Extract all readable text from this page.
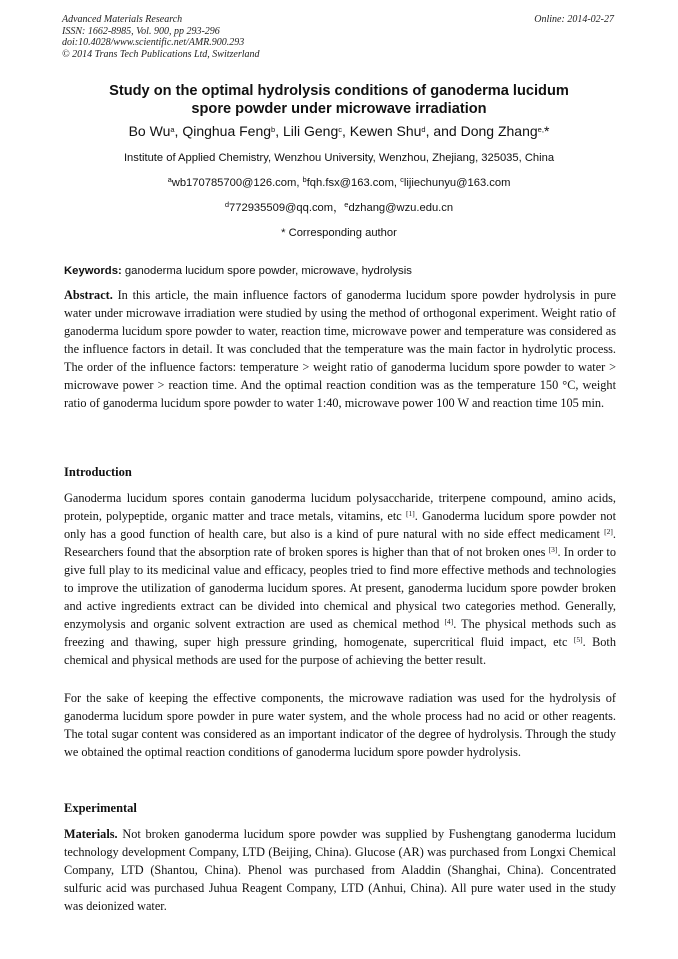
Advanced Materials Research
ISSN: 1662-8985, Vol. 900, pp 293-296
doi:10.4028/www.scientific.net/AMR.900.293
© 2014 Trans Tech Publications Ltd, Switzerland
Online: 2014-02-27
Study on the optimal hydrolysis conditions of ganoderma lucidum
spore powder under microwave irradiation
Bo Wu$^a$, Qinghua Feng$^b$, Lili Geng$^c$, Kewen Shu$^d$, and Dong Zhang$^{e,}$*
Institute of Applied Chemistry, Wenzhou University, Wenzhou, Zhejiang, 325035, China
$^a$wb170785700@126.com, $^b$fqh.fsx@163.com, $^c$lijiechunyu@163.com
$^d$772935509@qq.com，$^e$dzhang@wzu.edu.cn
* Corresponding author
Keywords: ganoderma lucidum spore powder, microwave, hydrolysis
Abstract. In this article, the main influence factors of ganoderma lucidum spore powder hydrolysis in pure water under microwave irradiation were studied by using the method of orthogonal experiment. Weight ratio of ganoderma lucidum spore powder to water, reaction time, microwave power and temperature was considered as the influence factors in detail. It was concluded that the temperature was the main factor in hydrolytic process. The order of the influence factors: temperature > weight ratio of ganoderma lucidum spore powder to water > microwave power > reaction time. And the optimal reaction condition was as the temperature 150 °C, weight ratio of ganoderma lucidum spore powder to water 1:40, microwave power 100 W and reaction time 105 min.
Introduction
Ganoderma lucidum spores contain ganoderma lucidum polysaccharide, triterpene compound, amino acids, protein, polypeptide, organic matter and trace metals, vitamins, etc [1]. Ganoderma lucidum spore powder not only has a good function of health care, but also is a kind of pure natural with no side effect medicament [2]. Researchers found that the absorption rate of broken spores is higher than that of not broken ones [3]. In order to give full play to its medicinal value and efficacy, peoples tried to find more effective methods and technologies to improve the utilization of ganoderma lucidum spores. At present, ganoderma lucidum spore powder broken and active ingredients extract can be divided into chemical and physical two categories method. Generally, enzymolysis and organic solvent extraction are used as chemical method [4]. The physical methods such as freezing and thawing, super high pressure grinding, homogenate, supercritical fluid impact, etc [5]. Both chemical and physical methods are used for the purpose of achieving the better result.
For the sake of keeping the effective components, the microwave radiation was used for the hydrolysis of ganoderma lucidum spore powder in pure water system, and the whole process had no acid or other reagents. The total sugar content was considered as an important indicator of the degree of hydrolysis. Through the study we obtained the optimal reaction conditions of ganoderma lucidum spore powder hydrolysis.
Experimental
Materials. Not broken ganoderma lucidum spore powder was supplied by Fushengtang ganoderma lucidum technology development Company, LTD (Beijing, China). Glucose (AR) was purchased from Longxi Chemical Company, LTD (Shantou, China). Phenol was purchased from Aladdin (Shanghai, China). Concentrated sulfuric acid was purchased Juhua Reagent Company, LTD (Anhui, China). All pure water used in the study was deionized water.
